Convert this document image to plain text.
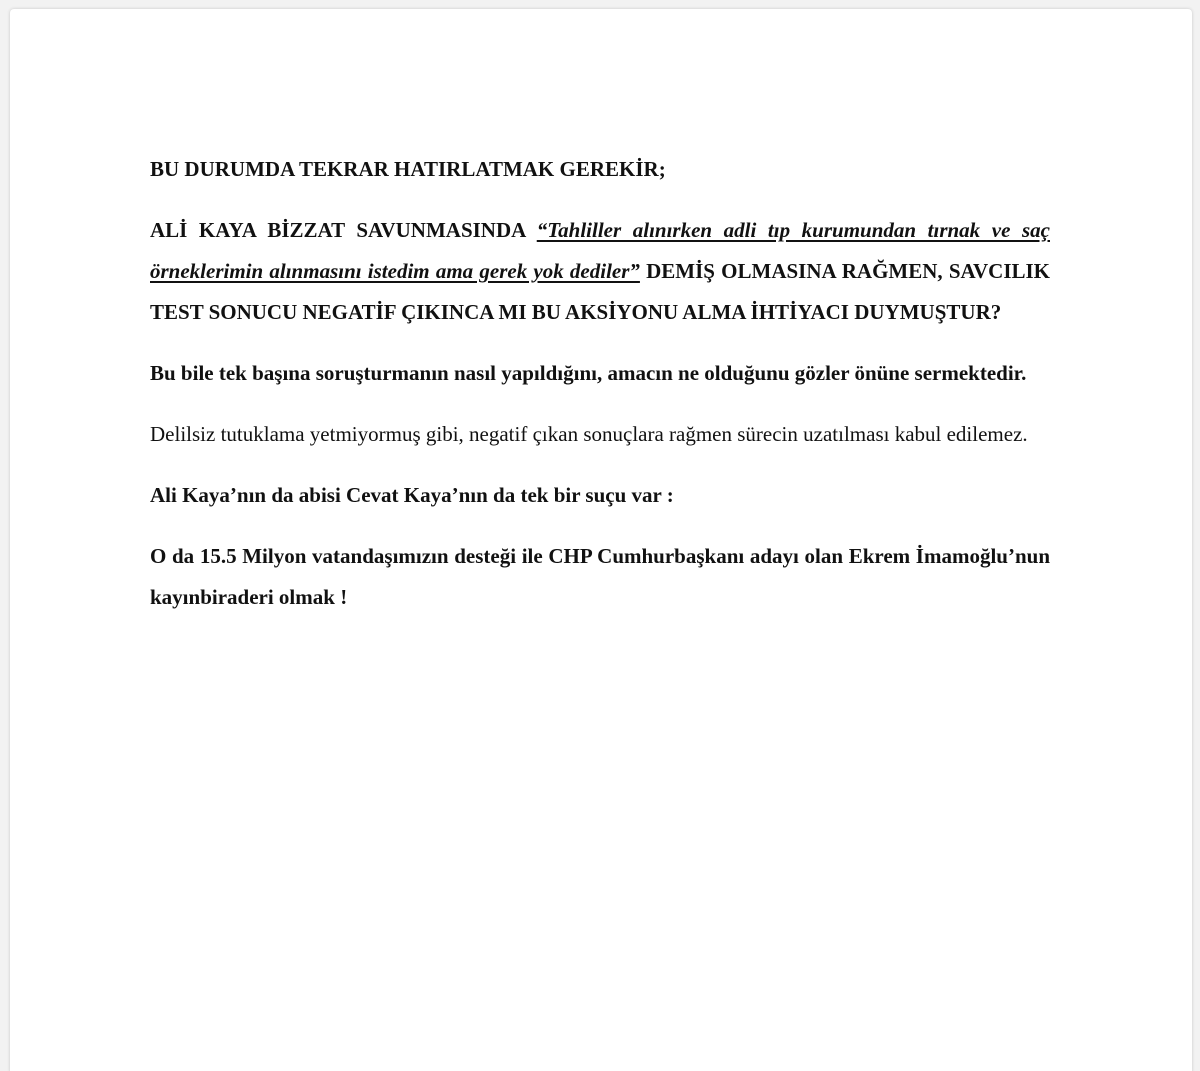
BU DURUMDA TEKRAR HATIRLATMAK GEREKİR;

ALİ KAYA BİZZAT SAVUNMASINDA “Tahliller alınırken adli tıp kurumundan tırnak ve saç örneklerimin alınmasını istedim ama gerek yok dediler” DEMİŞ OLMASINA RAĞMEN, SAVCILIK TEST SONUCU NEGATİF ÇIKINCA MI BU AKSİYONU ALMA İHTİYACI DUYMUŞTUR?

Bu bile tek başına soruşturmanın nasıl yapıldığını, amacın ne olduğunu gözler önüne sermektedir.

Delilsiz tutuklama yetmiyormuş gibi, negatif çıkan sonuçlara rağmen sürecin uzatılması kabul edilemez.

Ali Kaya’nın da abisi Cevat Kaya’nın da tek bir suçu var :

O da 15.5 Milyon vatandaşımızın desteği ile CHP Cumhurbaşkanı adayı olan Ekrem İmamoğlu’nun kayınbiraderi olmak !
